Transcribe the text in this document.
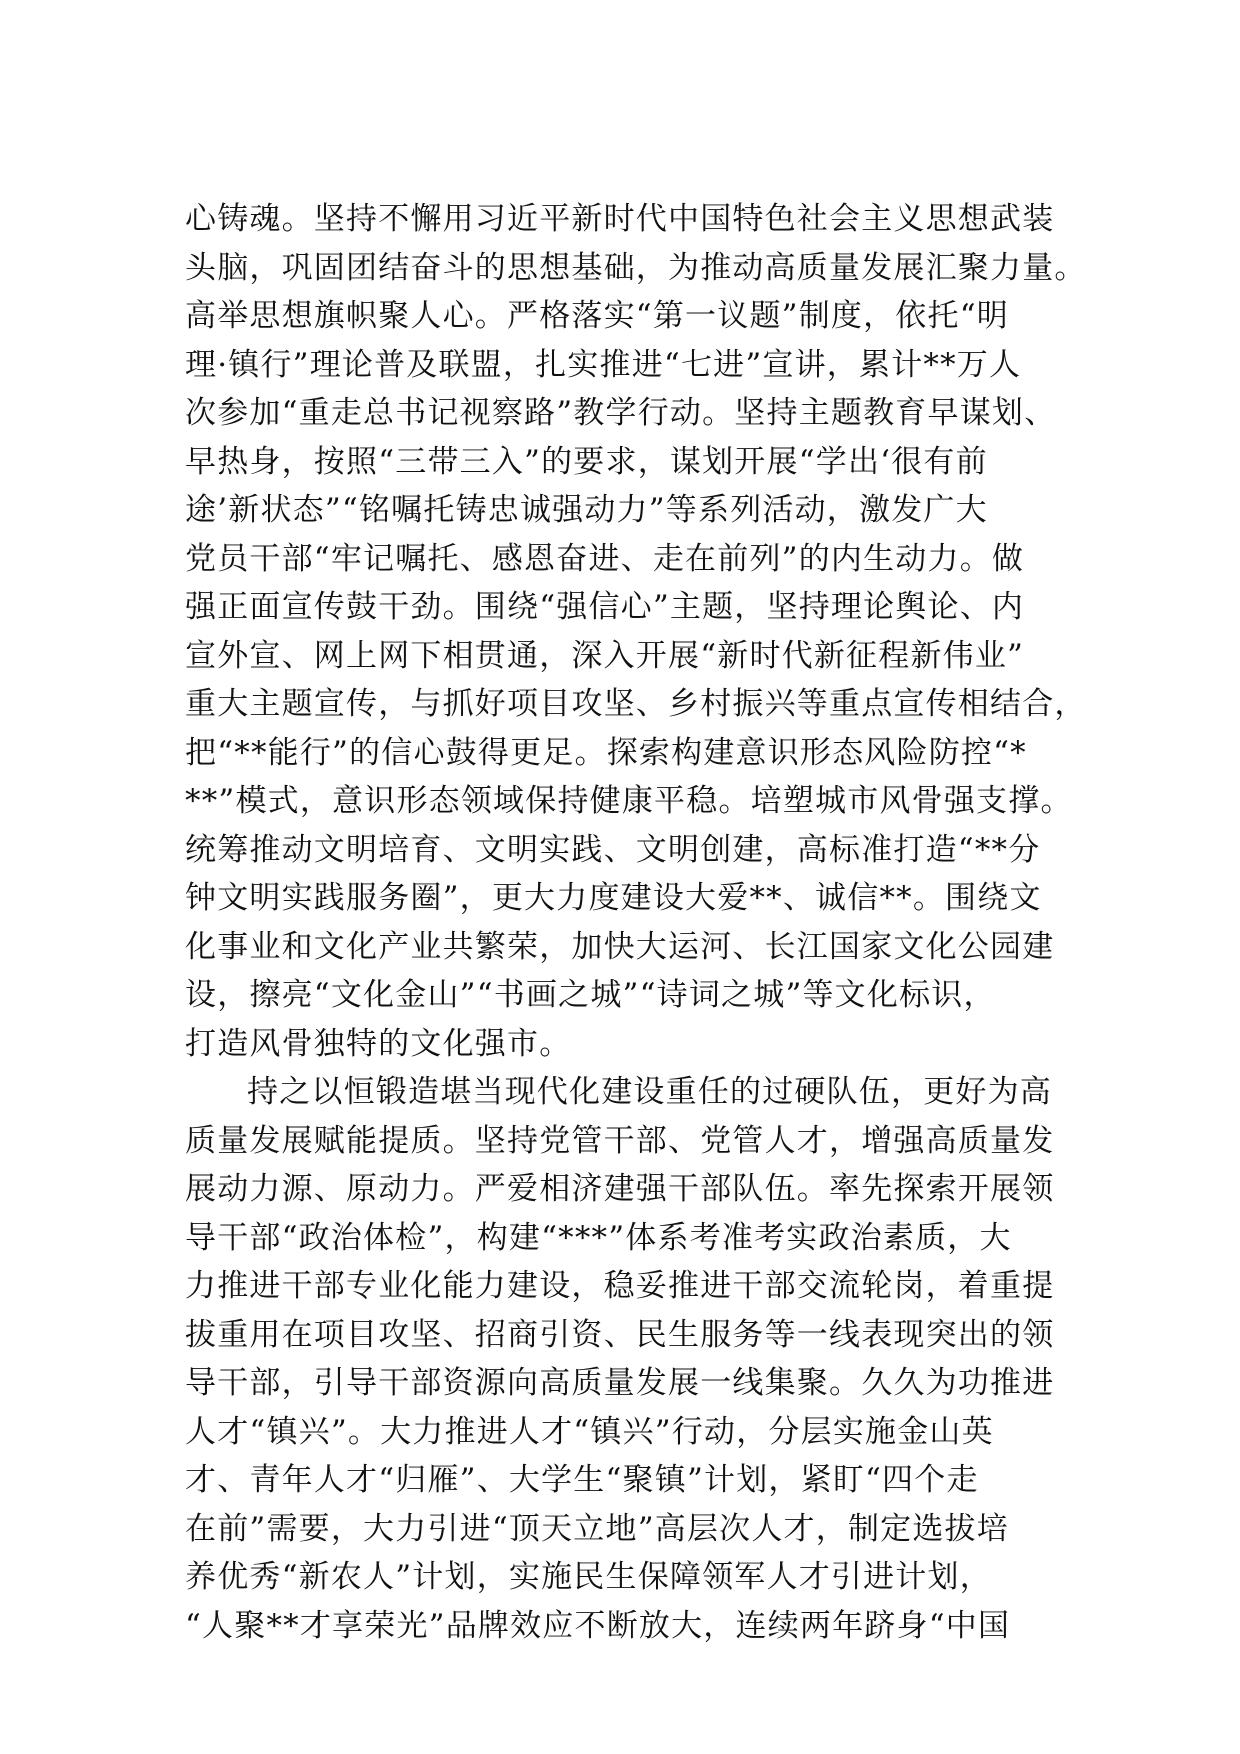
心铸魂。坚持不懈用习近平新时代中国特色社会主义思想武装
头脑，巩固团结奋斗的思想基础，为推动高质量发展汇聚力量。
高举思想旗帜聚人心。严格落实“第一议题”制度，依托“明
理·镇行”理论普及联盟，扎实推进“七进”宣讲，累计**万人
次参加“重走总书记视察路”教学行动。坚持主题教育早谋划、
早热身，按照“三带三入”的要求，谋划开展“学出‘很有前
途’新状态”“铭嘱托铸忠诚强动力”等系列活动，激发广大
党员干部“牢记嘱托、感恩奋进、走在前列”的内生动力。做
强正面宣传鼓干劲。围绕“强信心”主题，坚持理论舆论、内
宣外宣、网上网下相贯通，深入开展“新时代新征程新伟业”
重大主题宣传，与抓好项目攻坚、乡村振兴等重点宣传相结合，
把“**能行”的信心鼓得更足。探索构建意识形态风险防控“*
**”模式，意识形态领域保持健康平稳。培塑城市风骨强支撑。
统筹推动文明培育、文明实践、文明创建，高标准打造“**分
钟文明实践服务圈”，更大力度建设大爱**、诚信**。围绕文
化事业和文化产业共繁荣，加快大运河、长江国家文化公园建
设，擦亮“文化金山”“书画之城”“诗词之城”等文化标识，
打造风骨独特的文化强市。
持之以恒锻造堪当现代化建设重任的过硬队伍，更好为高
质量发展赋能提质。坚持党管干部、党管人才，增强高质量发
展动力源、原动力。严爱相济建强干部队伍。率先探索开展领
导干部“政治体检”，构建“***”体系考准考实政治素质，大
力推进干部专业化能力建设，稳妥推进干部交流轮岗，着重提
拔重用在项目攻坚、招商引资、民生服务等一线表现突出的领
导干部，引导干部资源向高质量发展一线集聚。久久为功推进
人才“镇兴”。大力推进人才“镇兴”行动，分层实施金山英
才、青年人才“归雁”、大学生“聚镇”计划，紧盯“四个走
在前”需要，大力引进“顶天立地”高层次人才，制定选拔培
养优秀“新农人”计划，实施民生保障领军人才引进计划，
“人聚**才享荣光”品牌效应不断放大，连续两年跻身“中国
